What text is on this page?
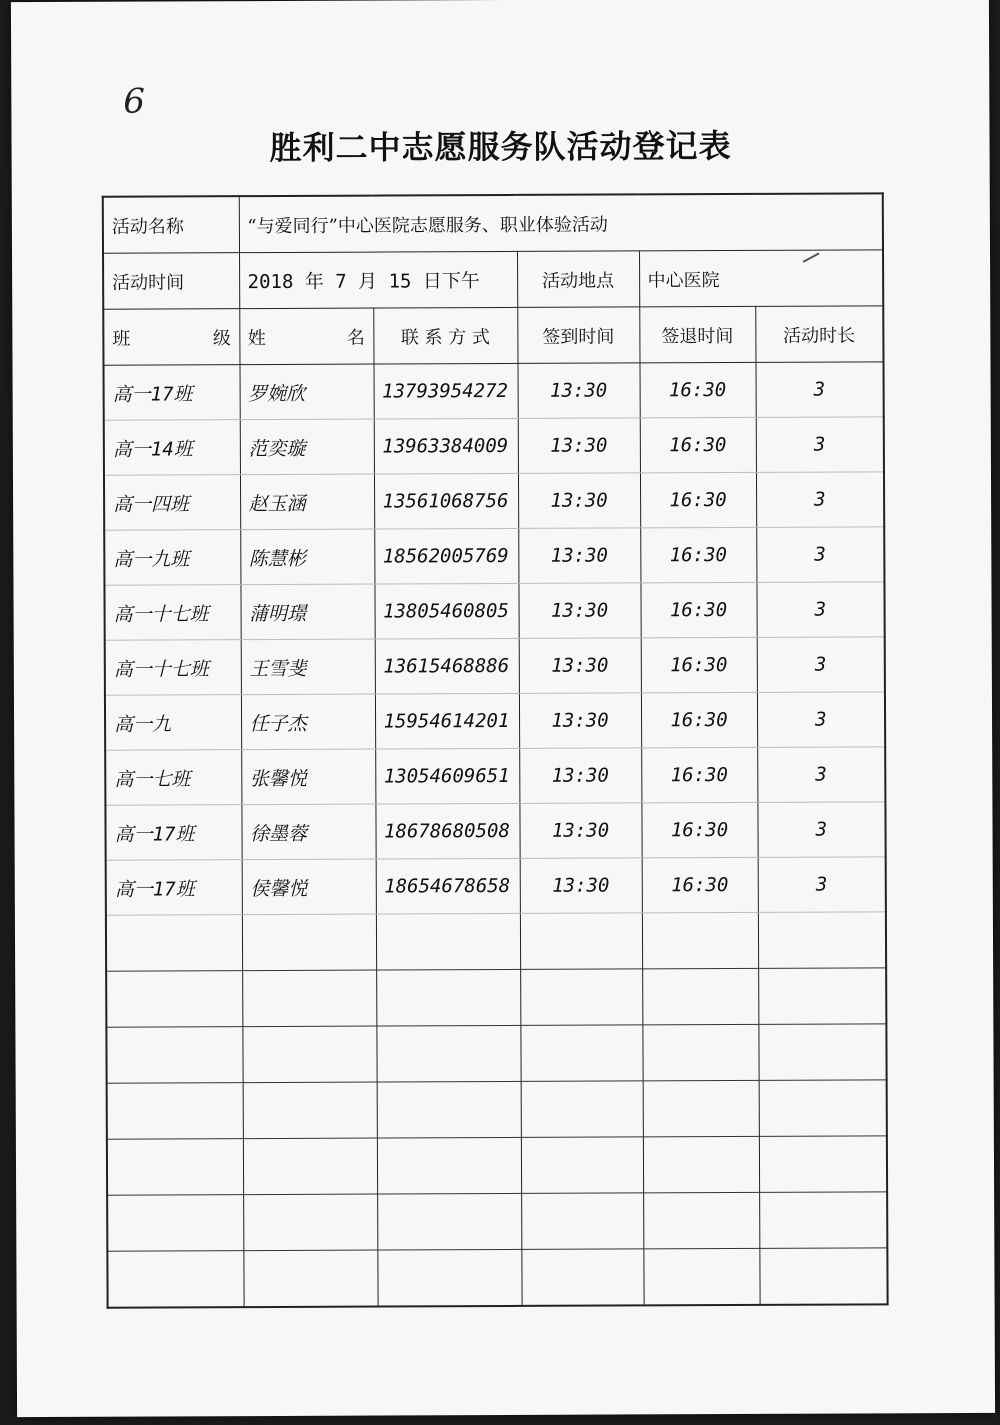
6
胜利二中志愿服务队活动登记表
活动名称	“与爱同行”中心医院志愿服务、职业体验活动				
活动时间	2018 年 7 月 15 日下午		活动地点	中心医院	
班 级	姓 名	联 系 方 式	签到时间	签退时间	活动时长
高一17班	罗婉欣	13793954272	13:30	16:30	3
高一14班	范奕璇	13963384009	13:30	16:30	3
高一四班	赵玉涵	13561068756	13:30	16:30	3
高一九班	陈慧彬	18562005769	13:30	16:30	3
高一十七班	蒲明璟	13805460805	13:30	16:30	3
高一十七班	王雪斐	13615468886	13:30	16:30	3
高一九	任子杰	15954614201	13:30	16:30	3
高一七班	张馨悦	13054609651	13:30	16:30	3
高一17班	徐墨蓉	18678680508	13:30	16:30	3
高一17班	侯馨悦	18654678658	13:30	16:30	3
